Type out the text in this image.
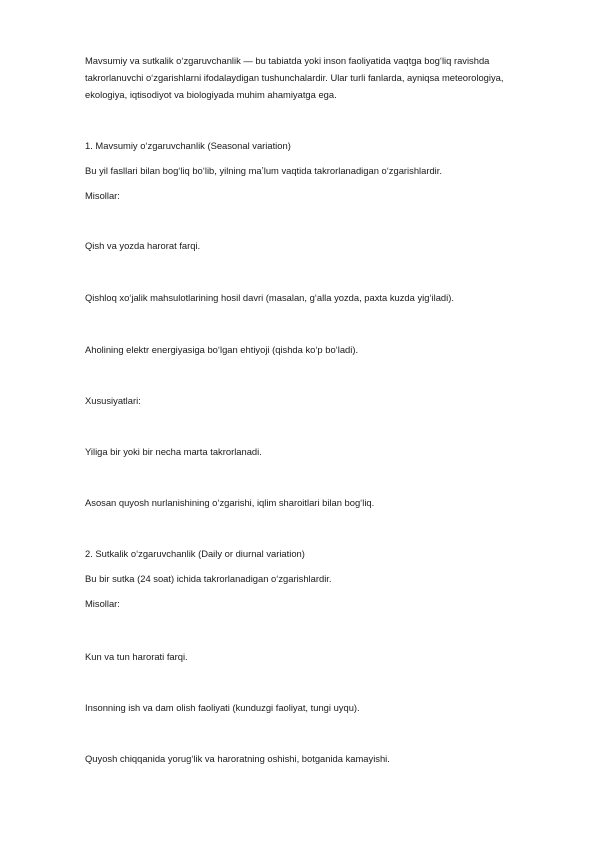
Mavsumiy va sutkalik oʻzgaruvchanlik — bu tabiatda yoki inson faoliyatida vaqtga bogʻliq ravishda takrorlanuvchi oʻzgarishlarni ifodalaydigan tushunchalardir. Ular turli fanlarda, ayniqsa meteorologiya, ekologiya, iqtisodiyot va biologiyada muhim ahamiyatga ega.

1. Mavsumiy oʻzgaruvchanlik (Seasonal variation)

Bu yil fasllari bilan bogʻliq boʻlib, yilning maʼlum vaqtida takrorlanadigan oʻzgarishlardir.

Misollar:

Qish va yozda harorat farqi.

Qishloq xoʻjalik mahsulotlarining hosil davri (masalan, gʻalla yozda, paxta kuzda yigʻiladi).

Aholining elektr energiyasiga boʻlgan ehtiyoji (qishda koʻp boʻladi).

Xususiyatlari:

Yiliga bir yoki bir necha marta takrorlanadi.

Asosan quyosh nurlanishining oʻzgarishi, iqlim sharoitlari bilan bogʻliq.

2. Sutkalik oʻzgaruvchanlik (Daily or diurnal variation)

Bu bir sutka (24 soat) ichida takrorlanadigan oʻzgarishlardir.

Misollar:

Kun va tun harorati farqi.

Insonning ish va dam olish faoliyati (kunduzgi faoliyat, tungi uyqu).

Quyosh chiqqanida yorugʻlik va haroratning oshishi, botganida kamayishi.
